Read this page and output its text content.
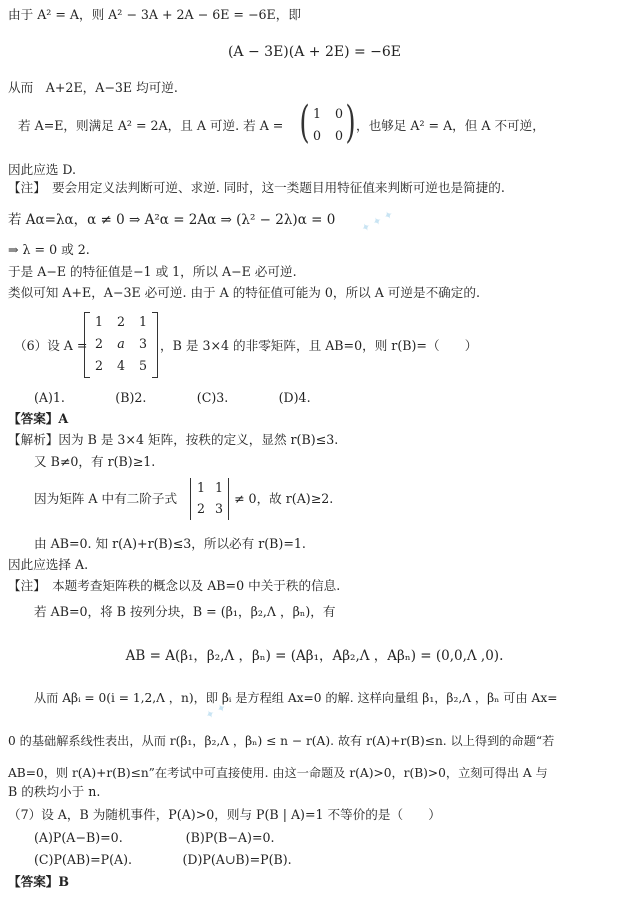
✦ ✦ ✦
✦ ✦
由于 A² = A，则 A² − 3A + 2A − 6E = −6E，即
(A − 3E)(A + 2E) = −6E
从而　A+2E，A−3E 均可逆.
若 A=E，则满足 A² = 2A，且 A 可逆. 若 A = ( 1 0
0 0 ) ，也够足 A² = A，但 A 不可逆，
因此应选 D.
【注】　要会用定义法判断可逆、求逆. 同时，这一类题目用特征值来判断可逆也是简捷的.
若 Aα=λα，α ≠ 0 ⇒ A²α = 2Aα ⇒ (λ² − 2λ)α = 0
⇒ λ = 0 或 2.
于是 A−E 的特征值是−1 或 1，所以 A−E 必可逆.
类似可知 A+E，A−3E 必可逆. 由于 A 的特征值可能为 0，所以 A 可逆是不确定的.
（6）设 A =
1 2 1
2 a 3
2 4 5
，B 是 3×4 的非零矩阵，且 AB=0，则 r(B)=（　　）
(A)1.　　　　(B)2.　　　　(C)3.　　　　(D)4.
【答案】A
【解析】因为 B 是 3×4 矩阵，按秩的定义，显然 r(B)≤3.
又 B≠0，有 r(B)≥1.
因为矩阵 A 中有二阶子式
1 1
2 3
≠ 0，故 r(A)≥2.
由 AB=0. 知 r(A)+r(B)≤3，所以必有 r(B)=1.
因此应选择 A.
【注】　本题考查矩阵秩的概念以及 AB=0 中关于秩的信息.
若 AB=0，将 B 按列分块，B = (β₁，β₂,Λ ，βₙ)，有
AB = A(β₁，β₂,Λ ，βₙ) = (Aβ₁，Aβ₂,Λ ，Aβₙ) = (0,0,Λ ,0).
从而 Aβᵢ = 0(i = 1,2,Λ ，n)，即 βᵢ 是方程组 Ax=0 的解. 这样向量组 β₁，β₂,Λ ，βₙ 可由 Ax=
0 的基础解系线性表出，从而 r(β₁，β₂,Λ ，βₙ) ≤ n − r(A). 故有 r(A)+r(B)≤n. 以上得到的命题“若
AB=0，则 r(A)+r(B)≤n”在考试中可直接使用. 由这一命题及 r(A)>0，r(B)>0，立刻可得出 A 与
B 的秩均小于 n.
（7）设 A，B 为随机事件，P(A)>0，则与 P(B | A)=1 不等价的是（　　）
(A)P(A−B)=0.　　　　　(B)P(B−A)=0.
(C)P(AB)=P(A).　　　　(D)P(A∪B)=P(B).
【答案】B
